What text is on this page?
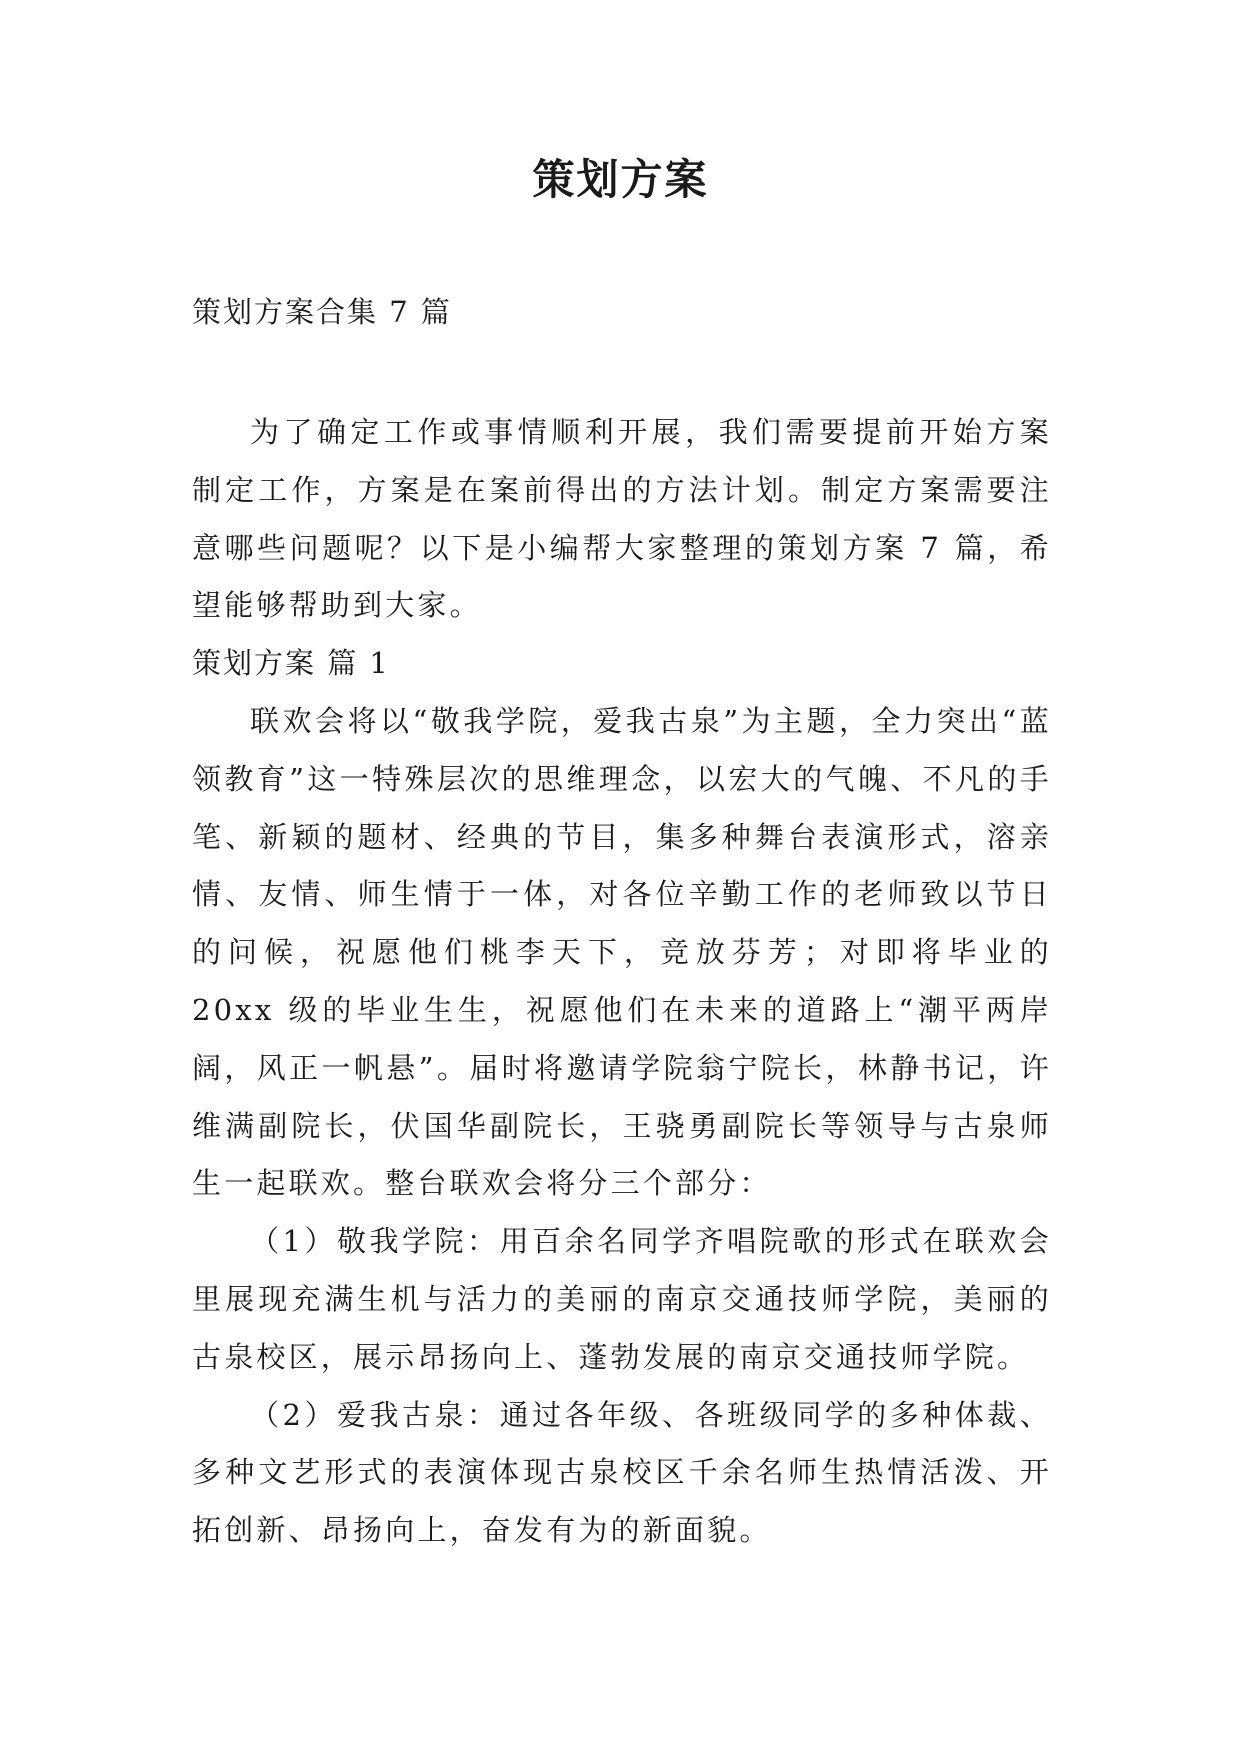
策划方案

策划方案合集 7 篇

为了确定工作或事情顺利开展，我们需要提前开始方案制定工作，方案是在案前得出的方法计划。制定方案需要注意哪些问题呢？以下是小编帮大家整理的策划方案 7 篇，希望能够帮助到大家。

策划方案 篇 1

联欢会将以“敬我学院，爱我古泉”为主题，全力突出“蓝领教育”这一特殊层次的思维理念，以宏大的气魄、不凡的手笔、新颖的题材、经典的节目，集多种舞台表演形式，溶亲情、友情、师生情于一体，对各位辛勤工作的老师致以节日的问候，祝愿他们桃李天下，竞放芬芳；对即将毕业的 20xx 级的毕业生生，祝愿他们在未来的道路上“潮平两岸阔，风正一帆悬”。届时将邀请学院翁宁院长，林静书记，许维满副院长，伏国华副院长，王骁勇副院长等领导与古泉师生一起联欢。整台联欢会将分三个部分：

（1）敬我学院：用百余名同学齐唱院歌的形式在联欢会里展现充满生机与活力的美丽的南京交通技师学院，美丽的古泉校区，展示昂扬向上、蓬勃发展的南京交通技师学院。

（2）爱我古泉：通过各年级、各班级同学的多种体裁、多种文艺形式的表演体现古泉校区千余名师生热情活泼、开拓创新、昂扬向上，奋发有为的新面貌。
